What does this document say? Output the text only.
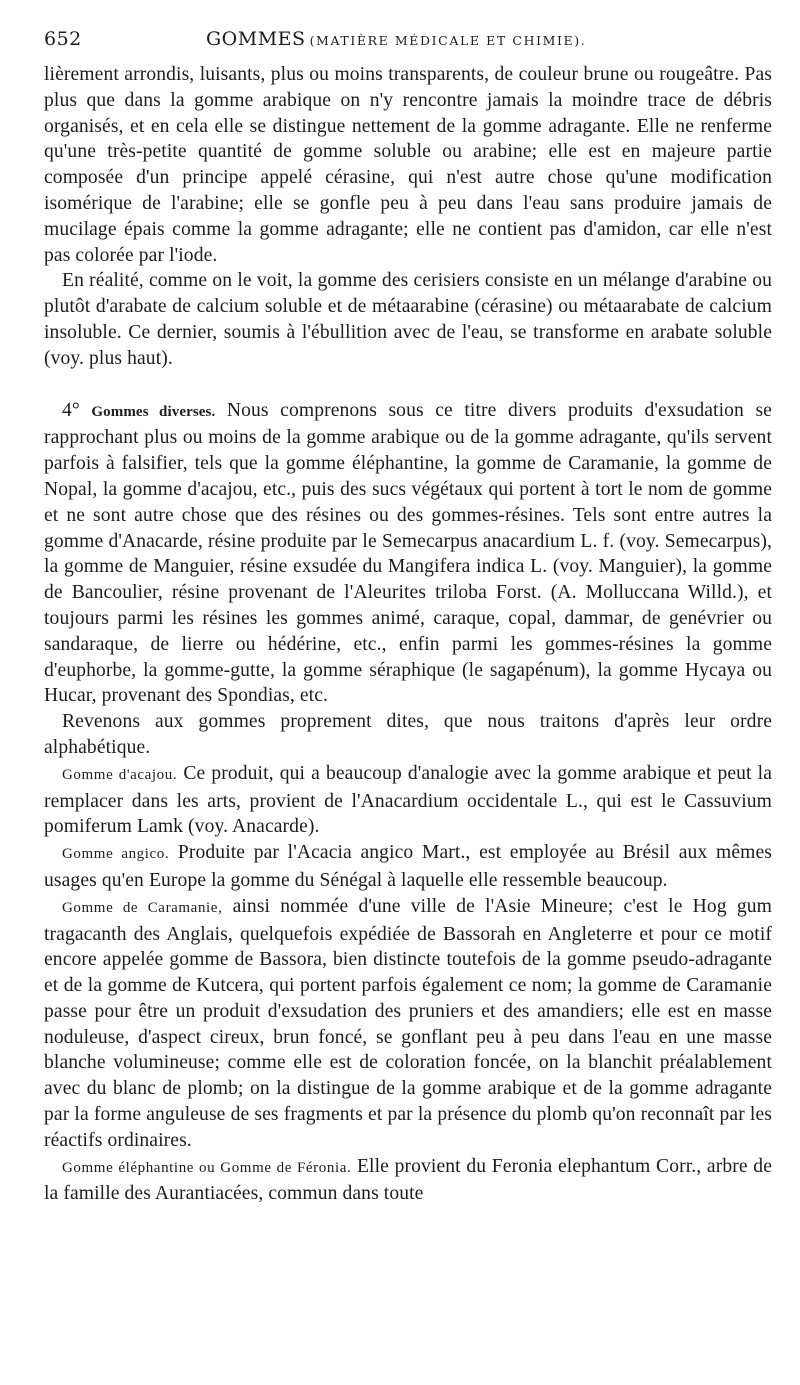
652	GOMMES (MATIÈRE MÉDICALE ET CHIMIE).

lièrement arrondis, luisants, plus ou moins transparents, de couleur brune ou rougeâtre. Pas plus que dans la gomme arabique on n'y rencontre jamais la moindre trace de débris organisés, et en cela elle se distingue nettement de la gomme adragante. Elle ne renferme qu'une très-petite quantité de gomme soluble ou arabine; elle est en majeure partie composée d'un principe appelé cérasine, qui n'est autre chose qu'une modification isomérique de l'arabine; elle se gonfle peu à peu dans l'eau sans produire jamais de mucilage épais comme la gomme adragante; elle ne contient pas d'amidon, car elle n'est pas colorée par l'iode.

En réalité, comme on le voit, la gomme des cerisiers consiste en un mélange d'arabine ou plutôt d'arabate de calcium soluble et de métaarabine (cérasine) ou métaarabate de calcium insoluble. Ce dernier, soumis à l'ébullition avec de l'eau, se transforme en arabate soluble (voy. plus haut).

4° Gommes diverses. Nous comprenons sous ce titre divers produits d'exsudation se rapprochant plus ou moins de la gomme arabique ou de la gomme adragante, qu'ils servent parfois à falsifier, tels que la gomme éléphantine, la gomme de Caramanie, la gomme de Nopal, la gomme d'acajou, etc., puis des sucs végétaux qui portent à tort le nom de gomme et ne sont autre chose que des résines ou des gommes-résines. Tels sont entre autres la gomme d'Anacarde, résine produite par le Semecarpus anacardium L. f. (voy. Semecarpus), la gomme de Manguier, résine exsudée du Mangifera indica L. (voy. Manguier), la gomme de Bancoulier, résine provenant de l'Aleurites triloba Forst. (A. Molluccana Willd.), et toujours parmi les résines les gommes animé, caraque, copal, dammar, de genévrier ou sandaraque, de lierre ou hédérine, etc., enfin parmi les gommes-résines la gomme d'euphorbe, la gomme-gutte, la gomme séraphique (le sagapénum), la gomme Hycaya ou Hucar, provenant des Spondias, etc.

Revenons aux gommes proprement dites, que nous traitons d'après leur ordre alphabétique.

Gomme d'acajou. Ce produit, qui a beaucoup d'analogie avec la gomme arabique et peut la remplacer dans les arts, provient de l'Anacardium occidentale L., qui est le Cassuvium pomiferum Lamk (voy. Anacarde).

Gomme angico. Produite par l'Acacia angico Mart., est employée au Brésil aux mêmes usages qu'en Europe la gomme du Sénégal à laquelle elle ressemble beaucoup.

Gomme de Caramanie, ainsi nommée d'une ville de l'Asie Mineure; c'est le Hog gum tragacanth des Anglais, quelquefois expédiée de Bassorah en Angleterre et pour ce motif encore appelée gomme de Bassora, bien distincte toutefois de la gomme pseudo-adragante et de la gomme de Kutcera, qui portent parfois également ce nom; la gomme de Caramanie passe pour être un produit d'exsudation des pruniers et des amandiers; elle est en masse noduleuse, d'aspect cireux, brun foncé, se gonflant peu à peu dans l'eau en une masse blanche volumineuse; comme elle est de coloration foncée, on la blanchit préalablement avec du blanc de plomb; on la distingue de la gomme arabique et de la gomme adragante par la forme anguleuse de ses fragments et par la présence du plomb qu'on reconnaît par les réactifs ordinaires.

Gomme éléphantine ou Gomme de Féronia. Elle provient du Feronia elephantum Corr., arbre de la famille des Aurantiacées, commun dans toute
